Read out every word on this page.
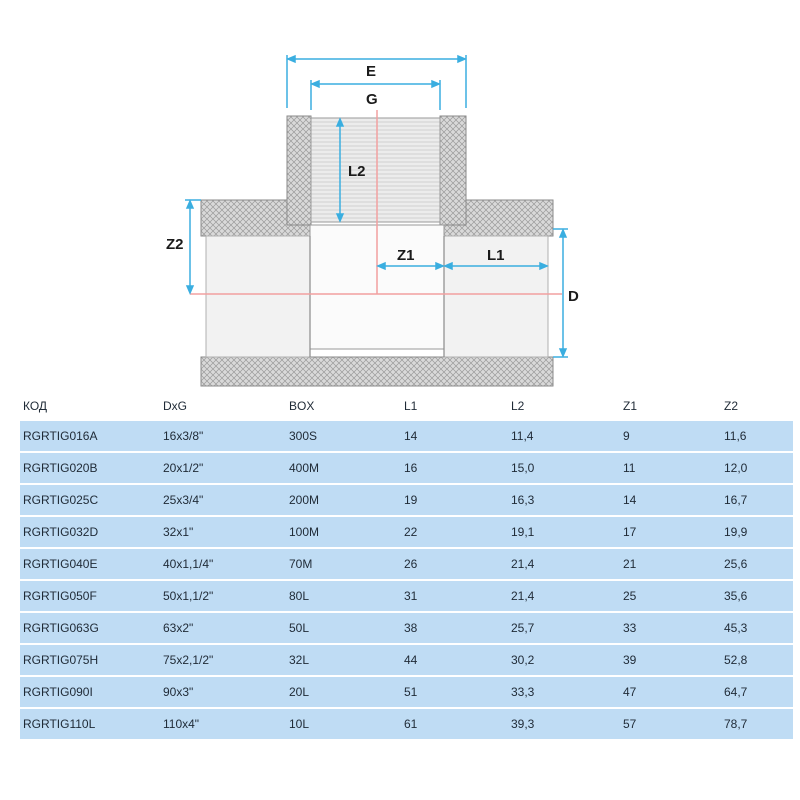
E
G
L2
Z2
Z1	L1
D
КОД	DxG	BOX	L1	L2	Z1	Z2
RGRTIG016A	16x3/8"	300S	14	11,4	9	11,6
RGRTIG020B	20x1/2"	400M	16	15,0	11	12,0
RGRTIG025C	25x3/4"	200M	19	16,3	14	16,7
RGRTIG032D	32x1"	100M	22	19,1	17	19,9
RGRTIG040E	40x1,1/4"	70M	26	21,4	21	25,6
RGRTIG050F	50x1,1/2"	80L	31	21,4	25	35,6
RGRTIG063G	63x2"	50L	38	25,7	33	45,3
RGRTIG075H	75x2,1/2"	32L	44	30,2	39	52,8
RGRTIG090I	90x3"	20L	51	33,3	47	64,7
RGRTIG110L	110x4"	10L	61	39,3	57	78,7
